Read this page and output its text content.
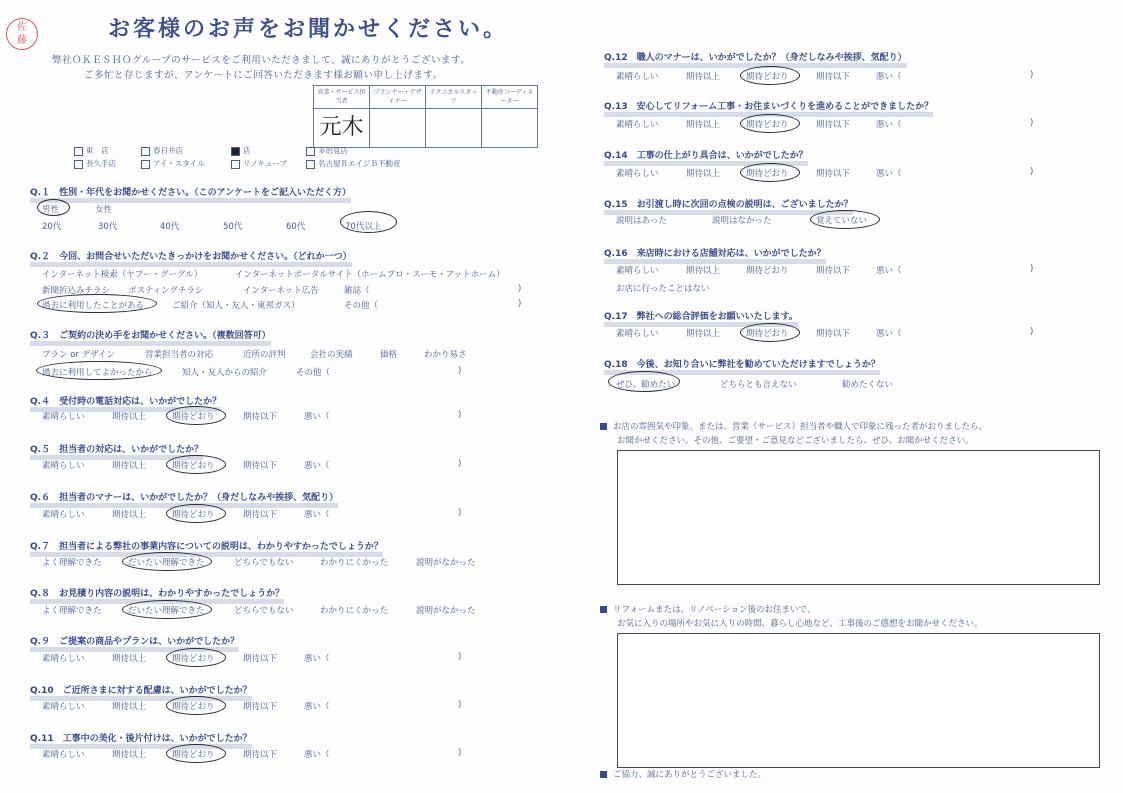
佐藤	お客様のお声をお聞かせください。
弊社ＯＫＥＳＨＯグループのサービスをご利用いただきまして、誠にありがとうございます。
ご多忙と存じますが、アンケートにご回答いただきます様お願い申し上げます。
営業・サービス担当者	プランナー・デザイナー	テクニカルスタッフ	不動産コーディネーター
元木			
東　店	春日井店	店	多治見店
長久手店	アイ・スタイル	リノキューブ	名古屋ＲエイジＢ不動産
Q.１　性別・年代をお聞かせください。（このアンケートをご記入いただく方）
男性	女性
20代	30代	40代	50代	60代	70代以上
Q.２　今回、お問合せいただいたきっかけをお聞かせください。（どれか一つ）
インターネット検索（ヤフー・グーグル）	インターネットポータルサイト（ホームプロ・スーモ・アットホーム）
新聞折込みチラシ ポスティングチラシ	インターネット広告	雑誌（	)
過去に利用したことがある	ご紹介（知人・友人・東邦ガス）	その他（	)
Q.３　ご契約の決め手をお聞かせください。（複数回答可）
プラン or デザイン	営業担当者の対応	近所の評判	会社の実績	価格	わかり易さ
過去に利用してよかったから	知人・友人からの紹介	その他（	)
Q.４　受付時の電話対応は、いかがでしたか？
Q.５　担当者の対応は、いかがでしたか？
Q.６　担当者のマナーは、いかがでしたか？（身だしなみや挨拶、気配り）
Q.７　担当者による弊社の事業内容についての説明は、わかりやすかったでしょうか？
Q.８　お見積り内容の説明は、わかりやすかったでしょうか？
Q.９　ご提案の商品やプランは、いかがでしたか？
Q.10　ご近所さまに対する配慮は、いかがでしたか？
Q.11　工事中の美化・後片付けは、いかがでしたか？
Q.12　職人のマナーは、いかがでしたか？（身だしなみや挨拶、気配り）
Q.13　安心してリフォーム工事・お住まいづくりを進めることができましたか？
Q.14　工事の仕上がり具合は、いかがでしたか？
Q.15　お引渡し時に次回の点検の説明は、ございましたか？
説明はあった	説明はなかった	覚えていない
Q.16　来店時における店舗対応は、いかがでしたか？
お店に行ったことはない
Q.17　弊社への総合評価をお願いいたします。
Q.18　今後、お知り合いに弊社を勧めていただけますでしょうか？
ぜひ、勧めたい	どちらとも言えない	勧めたくない
お店の雰囲気や印象。または、営業（サービス）担当者や職人で印象に残った者がおりましたら、
お聞かせください。その他、ご要望・ご意見などございましたら、ぜひ、お聞かせください。
リフォームまたは、リノベーション後のお住まいで、
お気に入りの場所やお気に入りの時間、暮らし心地など、工事後のご感想をお聞かせください。
ご協力、誠にありがとうございました。
素晴らしい	期待以上	期待どおり	期待以下	悪い（	)
素晴らしい	期待以上	期待どおり	期待以下	悪い（	)
素晴らしい	期待以上	期待どおり	期待以下	悪い（	)
よく理解できた	だいたい理解できた	どちらでもない	わかりにくかった	説明がなかった
よく理解できた	だいたい理解できた	どちらでもない	わかりにくかった	説明がなかった
素晴らしい	期待以上	期待どおり	期待以下	悪い（	)
素晴らしい	期待以上	期待どおり	期待以下	悪い（	)
素晴らしい	期待以上	期待どおり	期待以下	悪い（	)
素晴らしい	期待以上	期待どおり	期待以下	悪い（	)
素晴らしい	期待以上	期待どおり	期待以下	悪い（	)
素晴らしい	期待以上	期待どおり	期待以下	悪い（	)
素晴らしい	期待以上	期待どおり	期待以下	悪い（	)
素晴らしい	期待以上	期待どおり	期待以下	悪い（	)
